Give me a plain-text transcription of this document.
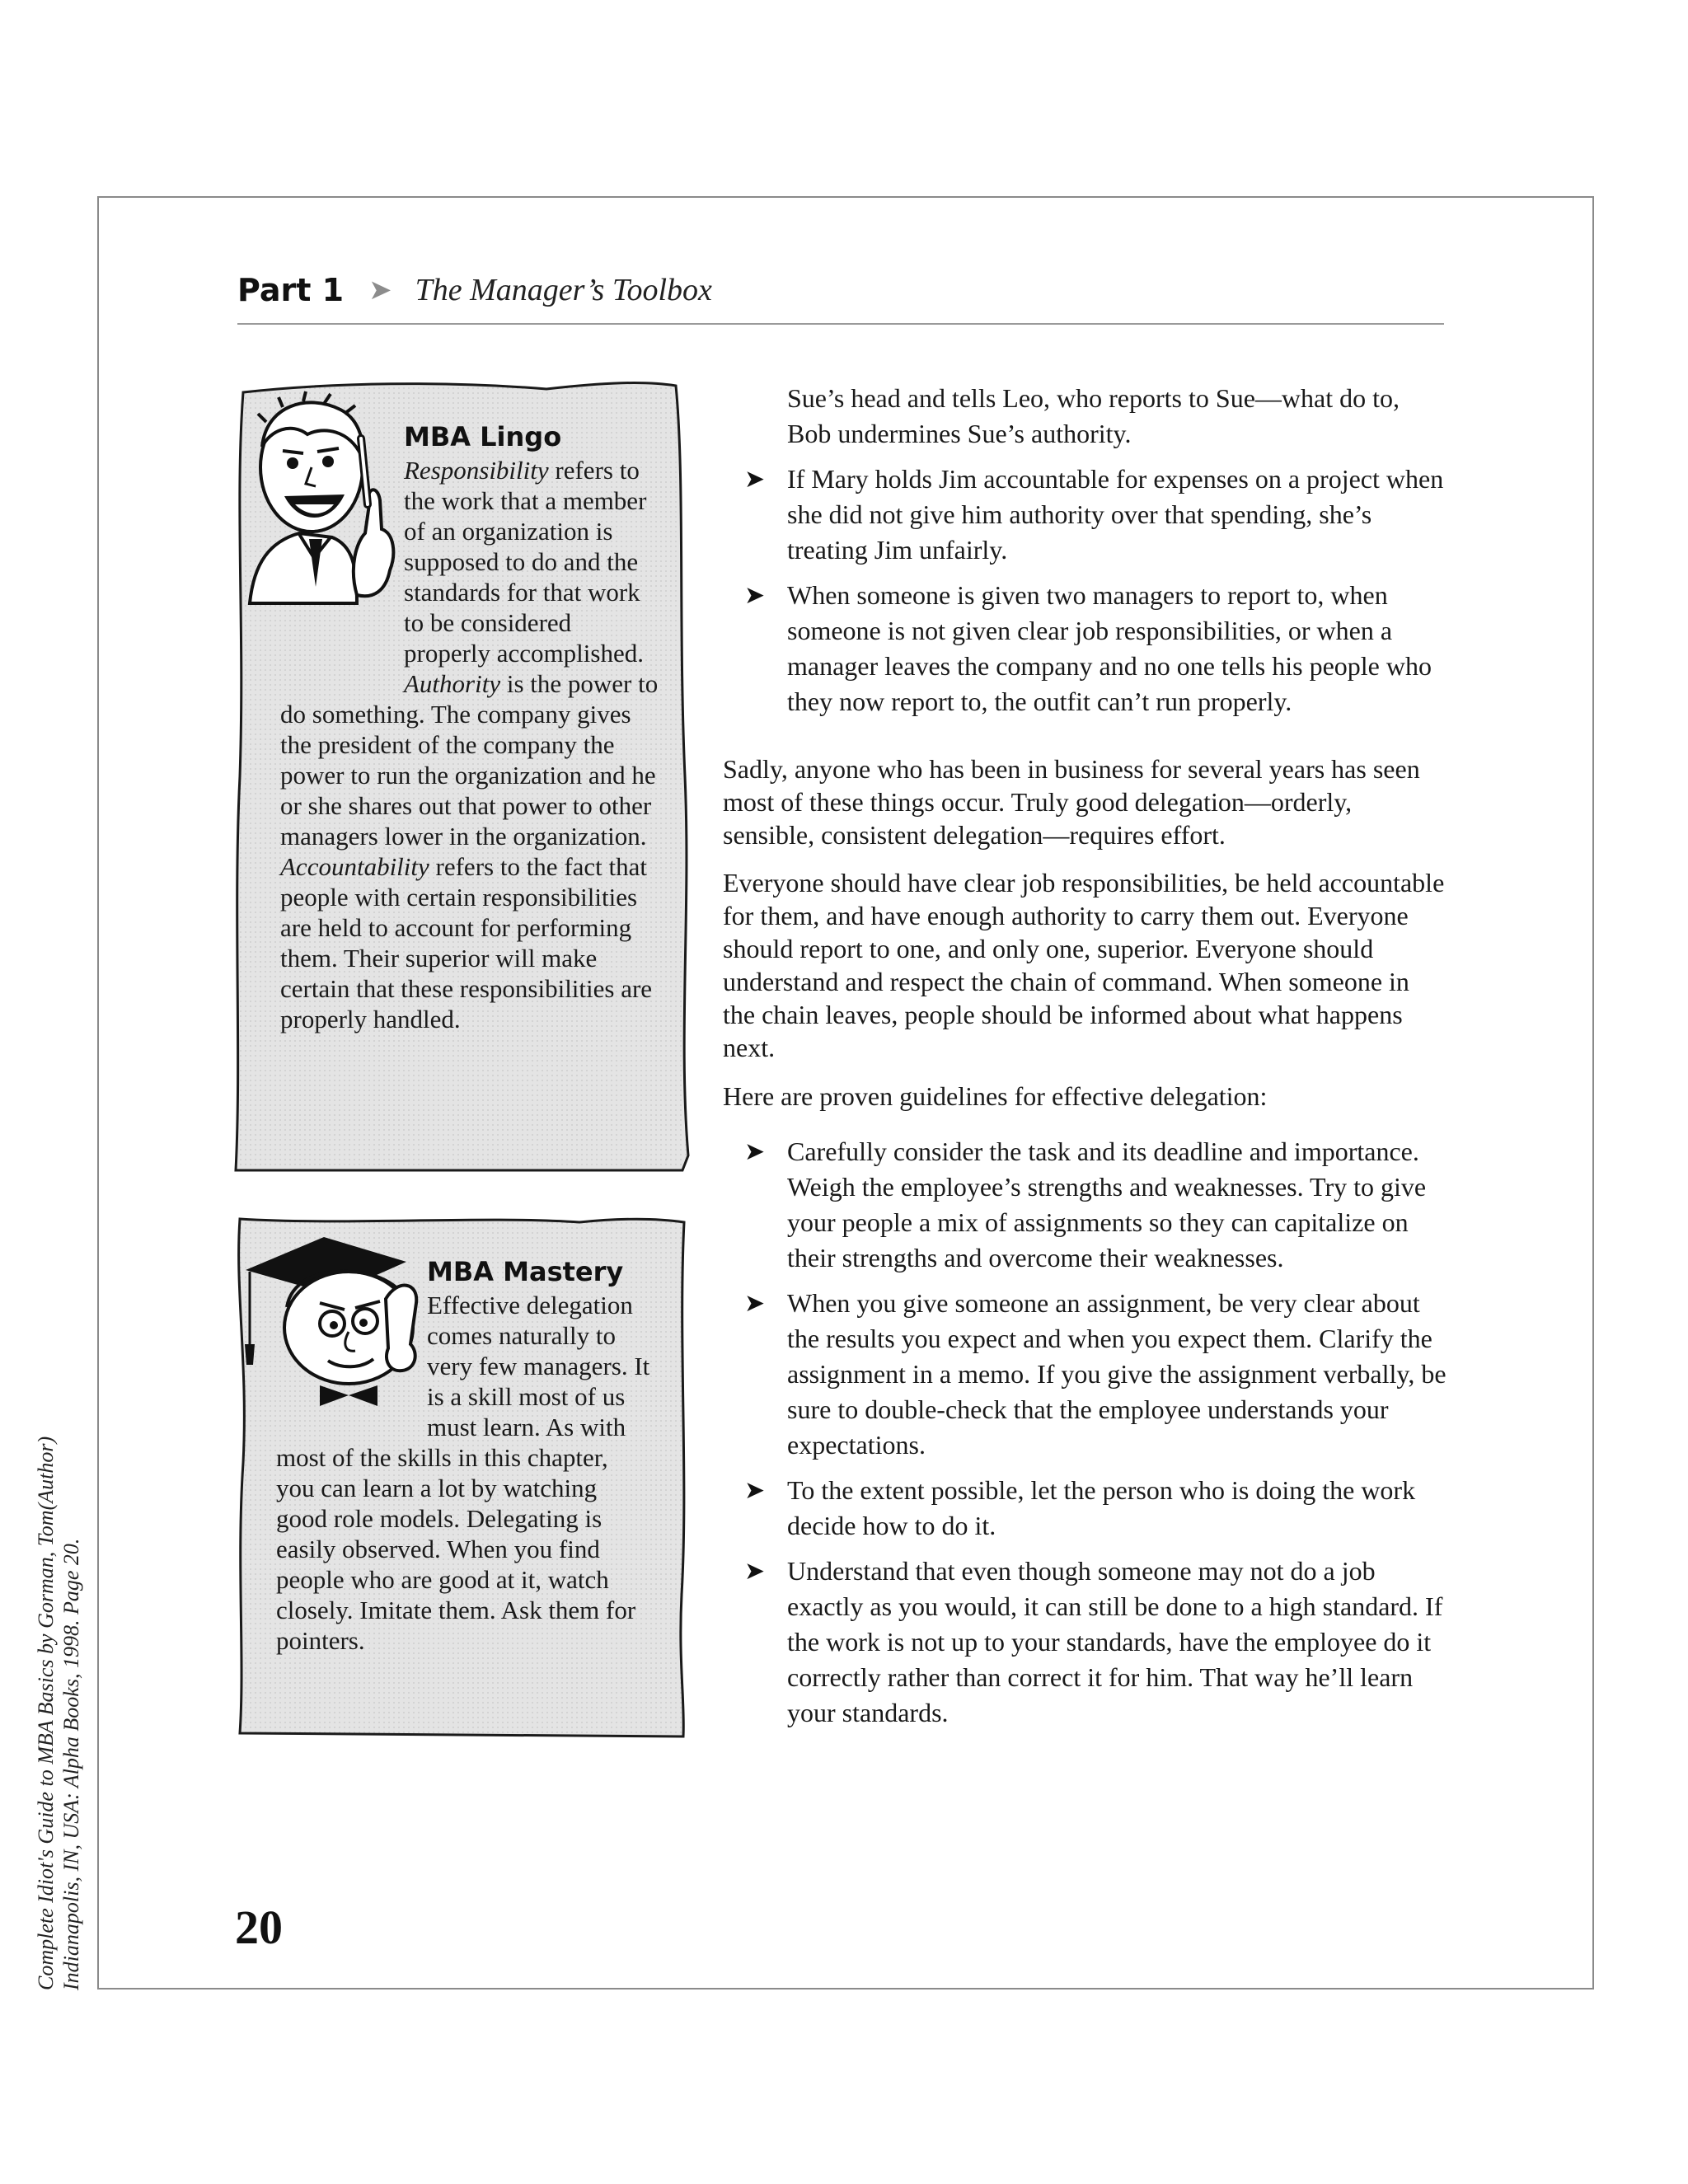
Complete Idiot's Guide to MBA Basics by Gorman, Tom(Author) Indianapolis, IN, USA: Alpha Books, 1998. Page 20.
Part 1 ➤ The Manager’s Toolbox
MBA Lingo

Responsibility refers to the work that a member of an organization is supposed to do and the standards for that work to be considered properly accomplished. Authority is the power to do something. The company gives the president of the company the power to run the organization and he or she shares out that power to other managers lower in the organization. Accountability refers to the fact that people with certain responsibilities are held to account for performing them. Their superior will make certain that these responsibilities are properly handled.

MBA Mastery

Effective delegation comes naturally to very few managers. It is a skill most of us must learn. As with most of the skills in this chapter, you can learn a lot by watching good role models. Delegating is easily observed. When you find people who are good at it, watch closely. Imitate them. Ask them for pointers.

Sue’s head and tells Leo, who reports to Sue—what do to, Bob undermines Sue’s authority.

➤ If Mary holds Jim accountable for expenses on a project when she did not give him authority over that spending, she’s treating Jim unfairly.
➤ When someone is given two managers to report to, when someone is not given clear job responsibilities, or when a manager leaves the company and no one tells his people who they now report to, the outfit can’t run properly.

Sadly, anyone who has been in business for several years has seen most of these things occur. Truly good delegation—orderly, sensible, consistent delegation—requires effort.

Everyone should have clear job responsibilities, be held accountable for them, and have enough authority to carry them out. Everyone should report to one, and only one, superior. Everyone should understand and respect the chain of command. When someone in the chain leaves, people should be informed about what happens next.

Here are proven guidelines for effective delegation:

➤ Carefully consider the task and its deadline and importance. Weigh the employee’s strengths and weaknesses. Try to give your people a mix of assignments so they can capitalize on their strengths and overcome their weaknesses.
➤ When you give someone an assignment, be very clear about the results you expect and when you expect them. Clarify the assignment in a memo. If you give the assignment verbally, be sure to double-check that the employee understands your expectations.
➤ To the extent possible, let the person who is doing the work decide how to do it.
➤ Understand that even though someone may not do a job exactly as you would, it can still be done to a high standard. If the work is not up to your standards, have the employee do it correctly rather than correct it for him. That way he’ll learn your standards.
20
